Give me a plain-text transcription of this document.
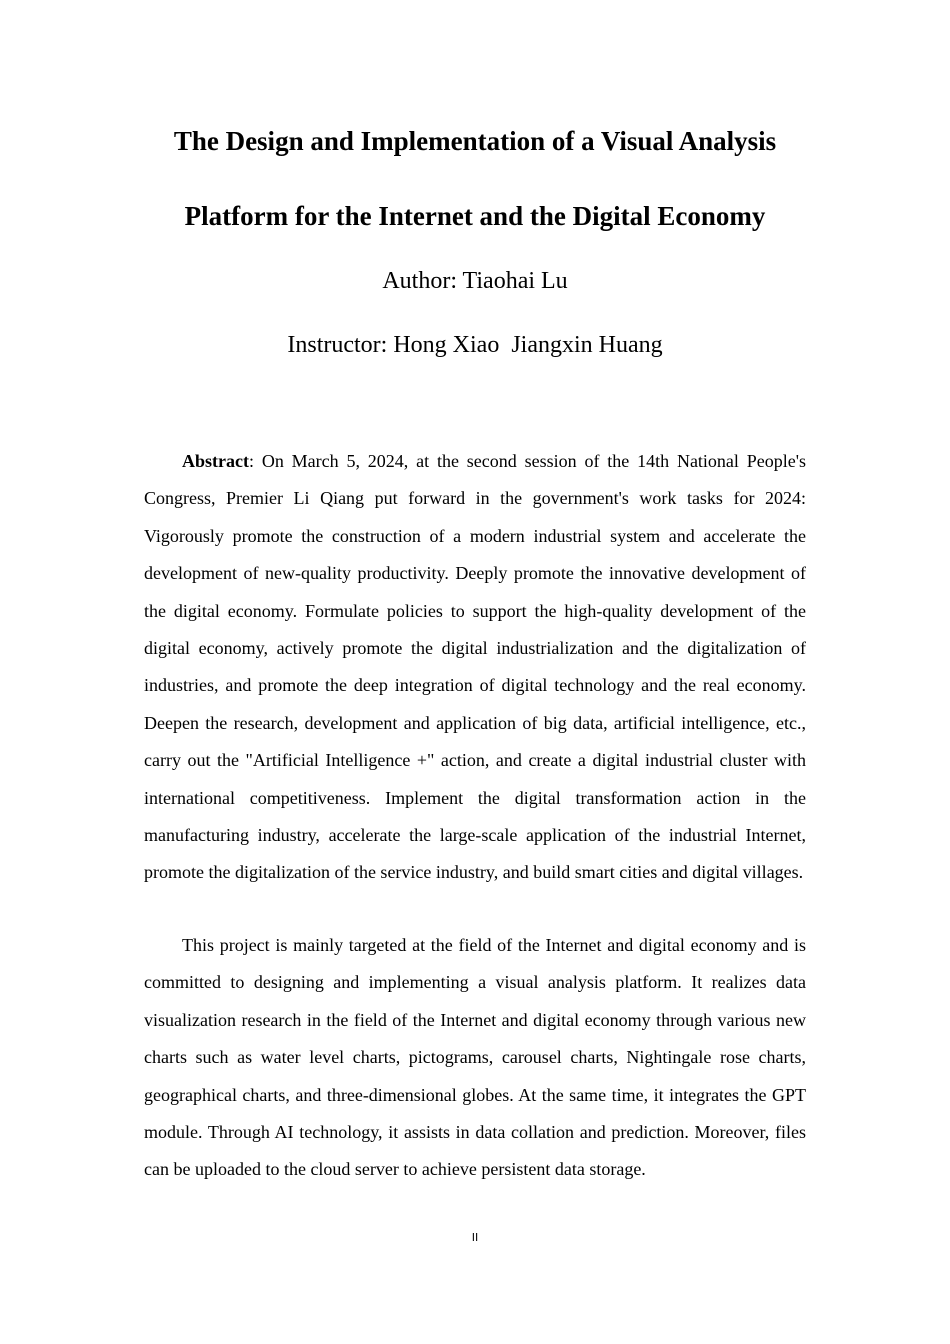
The Design and Implementation of a Visual Analysis
Platform for the Internet and the Digital Economy

Author: Tiaohai Lu

Instructor: Hong Xiao  Jiangxin Huang

Abstract: On March 5, 2024, at the second session of the 14th National People's Congress, Premier Li Qiang put forward in the government's work tasks for 2024: Vigorously promote the construction of a modern industrial system and accelerate the development of new-quality productivity. Deeply promote the innovative development of the digital economy. Formulate policies to support the high-quality development of the digital economy, actively promote the digital industrialization and the digitalization of industries, and promote the deep integration of digital technology and the real economy. Deepen the research, development and application of big data, artificial intelligence, etc., carry out the "Artificial Intelligence +" action, and create a digital industrial cluster with international competitiveness. Implement the digital transformation action in the manufacturing industry, accelerate the large-scale application of the industrial Internet, promote the digitalization of the service industry, and build smart cities and digital villages.

This project is mainly targeted at the field of the Internet and digital economy and is committed to designing and implementing a visual analysis platform. It realizes data visualization research in the field of the Internet and digital economy through various new charts such as water level charts, pictograms, carousel charts, Nightingale rose charts, geographical charts, and three-dimensional globes. At the same time, it integrates the GPT module. Through AI technology, it assists in data collation and prediction. Moreover, files can be uploaded to the cloud server to achieve persistent data storage.

II
